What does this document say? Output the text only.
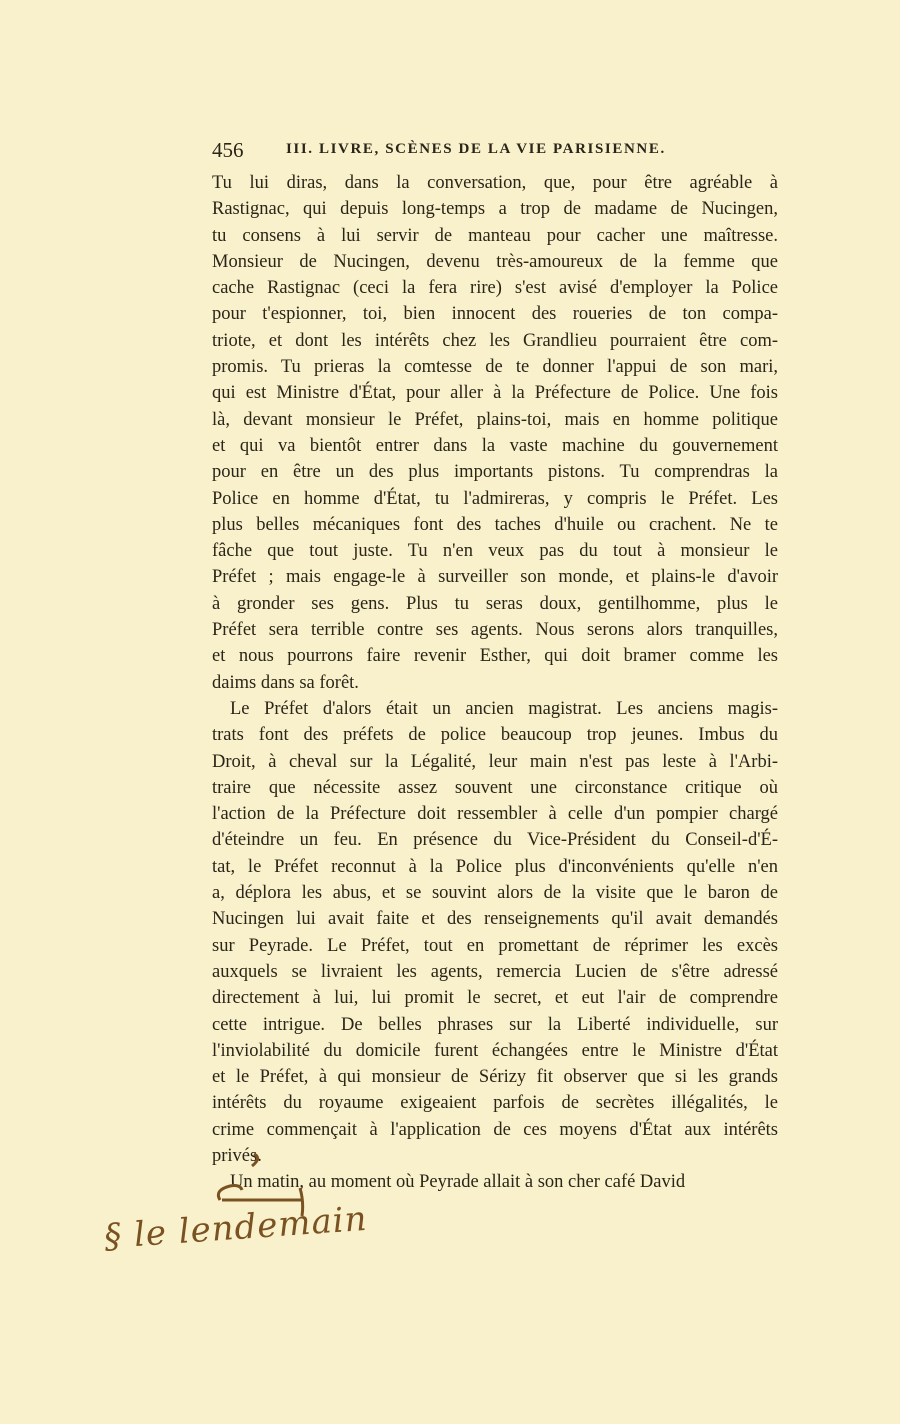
456	III. LIVRE, SCÈNES DE LA VIE PARISIENNE.
Tu lui diras, dans la conversation, que, pour être agréable à
Rastignac, qui depuis long-temps a trop de madame de Nucingen,
tu consens à lui servir de manteau pour cacher une maîtresse.
Monsieur de Nucingen, devenu très-amoureux de la femme que
cache Rastignac (ceci la fera rire) s'est avisé d'employer la Police
pour t'espionner, toi, bien innocent des roueries de ton compa-
triote, et dont les intérêts chez les Grandlieu pourraient être com-
promis. Tu prieras la comtesse de te donner l'appui de son mari,
qui est Ministre d'État, pour aller à la Préfecture de Police. Une fois
là, devant monsieur le Préfet, plains-toi, mais en homme politique
et qui va bientôt entrer dans la vaste machine du gouvernement
pour en être un des plus importants pistons. Tu comprendras la
Police en homme d'État, tu l'admireras, y compris le Préfet. Les
plus belles mécaniques font des taches d'huile ou crachent. Ne te
fâche que tout juste. Tu n'en veux pas du tout à monsieur le
Préfet ; mais engage-le à surveiller son monde, et plains-le d'avoir
à gronder ses gens. Plus tu seras doux, gentilhomme, plus le
Préfet sera terrible contre ses agents. Nous serons alors tranquilles,
et nous pourrons faire revenir Esther, qui doit bramer comme les
daims dans sa forêt.
Le Préfet d'alors était un ancien magistrat. Les anciens magis-
trats font des préfets de police beaucoup trop jeunes. Imbus du
Droit, à cheval sur la Légalité, leur main n'est pas leste à l'Arbi-
traire que nécessite assez souvent une circonstance critique où
l'action de la Préfecture doit ressembler à celle d'un pompier chargé
d'éteindre un feu. En présence du Vice-Président du Conseil-d'É-
tat, le Préfet reconnut à la Police plus d'inconvénients qu'elle n'en
a, déplora les abus, et se souvint alors de la visite que le baron de
Nucingen lui avait faite et des renseignements qu'il avait demandés
sur Peyrade. Le Préfet, tout en promettant de réprimer les excès
auxquels se livraient les agents, remercia Lucien de s'être adressé
directement à lui, lui promit le secret, et eut l'air de comprendre
cette intrigue. De belles phrases sur la Liberté individuelle, sur
l'inviolabilité du domicile furent échangées entre le Ministre d'État
et le Préfet, à qui monsieur de Sérizy fit observer que si les grands
intérêts du royaume exigeaient parfois de secrètes illégalités, le
crime commençait à l'application de ces moyens d'État aux intérêts
privés.
Un matin, au moment où Peyrade allait à son cher café David
§ le lendemain
